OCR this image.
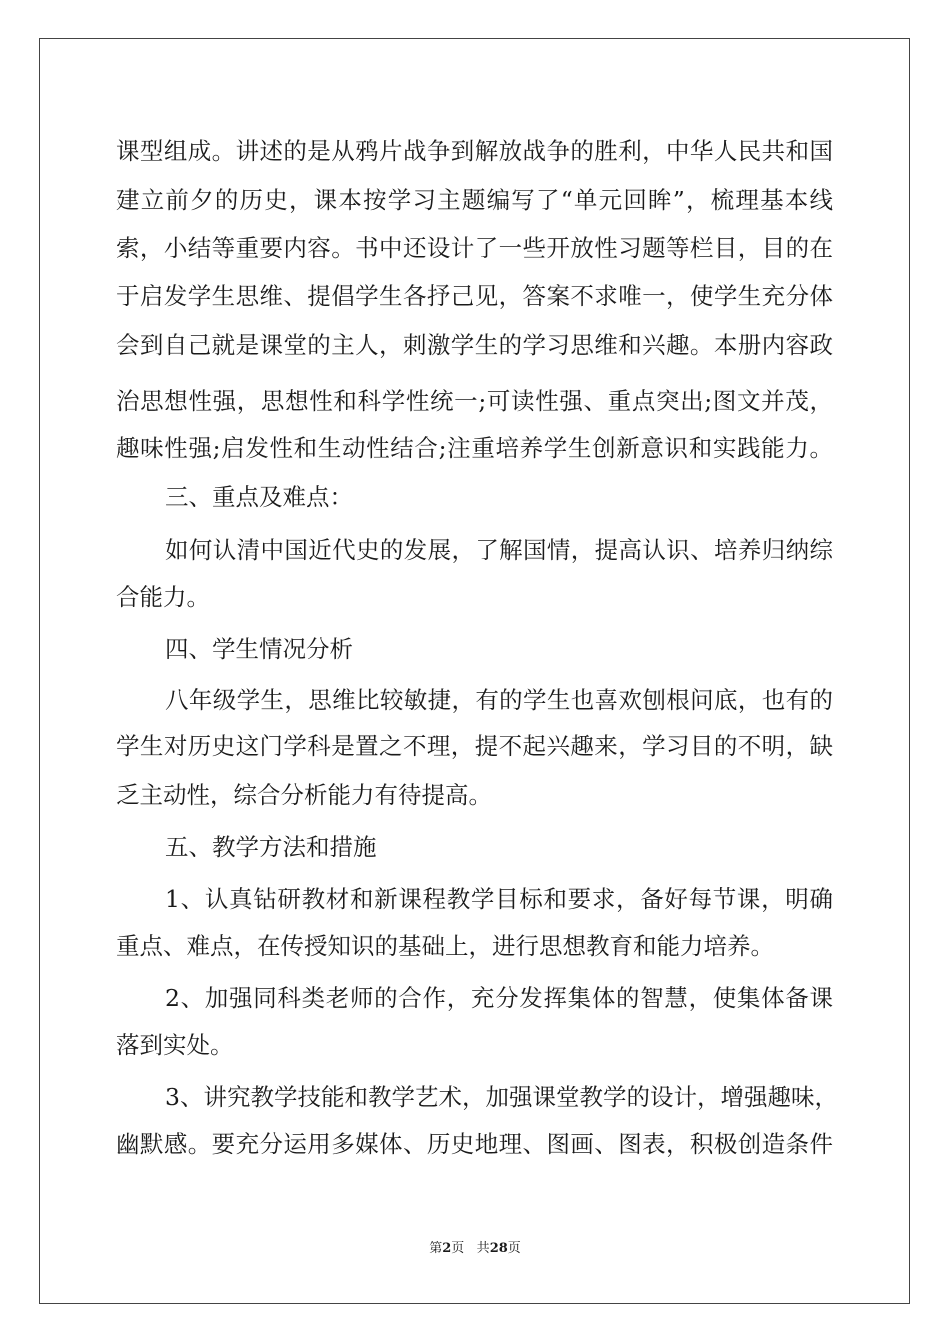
课型组成。讲述的是从鸦片战争到解放战争的胜利，中华人民共和国
建立前夕的历史，课本按学习主题编写了“单元回眸”，梳理基本线
索，小结等重要内容。书中还设计了一些开放性习题等栏目，目的在
于启发学生思维、提倡学生各抒己见，答案不求唯一，使学生充分体
会到自己就是课堂的主人，刺激学生的学习思维和兴趣。本册内容政
治思想性强，思想性和科学性统一;可读性强、重点突出;图文并茂，
趣味性强;启发性和生动性结合;注重培养学生创新意识和实践能力。
三、重点及难点：
如何认清中国近代史的发展，了解国情，提高认识、培养归纳综
合能力。
四、学生情况分析
八年级学生，思维比较敏捷，有的学生也喜欢刨根问底，也有的
学生对历史这门学科是置之不理，提不起兴趣来，学习目的不明，缺
乏主动性，综合分析能力有待提高。
五、教学方法和措施
1、认真钻研教材和新课程教学目标和要求，备好每节课，明确
重点、难点，在传授知识的基础上，进行思想教育和能力培养。
2、加强同科类老师的合作，充分发挥集体的智慧，使集体备课
落到实处。
3、讲究教学技能和教学艺术，加强课堂教学的设计，增强趣味，
幽默感。要充分运用多媒体、历史地理、图画、图表，积极创造条件
第2页 共28页
